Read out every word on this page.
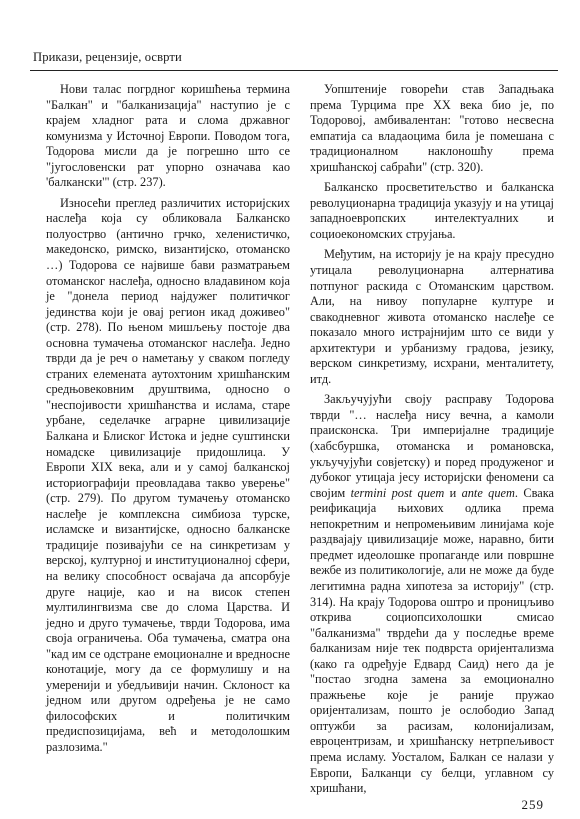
Прикази, рецензије, осврти

Нови талас погрдног коришћења термина "Балкан" и "балканизација" наступио је с крајем хладног рата и слома државног комунизма у Источној Европи. Поводом тога, Тодорова мисли да је погрешно што се "југословенски рат упорно означава као 'балкански'" (стр. 237).

Износећи преглед различитих историјских наслеђа која су обликовала Балканско полуострво (антично грчко, хеленистичко, македонско, римско, византијско, отоманско …) Тодорова се највише бави разматрањем отоманског наслеђа, односно владавином која је "донела период најдужег политичког јединства који је овај регион икад доживео" (стр. 278). По њеном мишљењу постоје два основна тумачења отоманског наслеђа. Једно тврди да је реч о наметању у сваком погледу страних елемената аутохтоним хришћанским средњовековним друштвима, односно о "неспојивости хришћанства и ислама, старе урбане, седелачке аграрне цивилизације Балкана и Блиског Истока и једне суштински номадске цивилизације придошлица. У Европи XIX века, али и у самој балканској историографији преовладава такво уверење" (стр. 279). По другом тумачењу отоманско наслеђе је комплексна симбиоза турске, исламске и византијске, односно балканске традиције позивајући се на синкретизам у верској, културној и институционалној сфери, на велику способност освајача да апсорбује друге нације, као и на висок степен мултилингвизма све до слома Царства. И једно и друго тумачење, тврди Тодорова, има своја ограничења. Оба тумачења, сматра она "кад им се одстране емоционалне и вредносне конотације, могу да се формулишу и на умеренији и убедљивији начин. Склоност ка једном или другом одређења је не само философских и политичким предиспозицијама, већ и методолошким разлозима."

Уопштеније говорећи став Западњака према Турцима пре XX века био је, по Тодоровој, амбивалентан: "готово несвесна емпатија са владаоцима била је помешана с традиционалном наклоношћу према хришћанској сабраћи" (стр. 320).

Балканско просветитељство и балканска револуционарна традиција указују и на утицај западноевропских интелектуалних и социоекономских струјања.

Међутим, на историју је на крају пресудно утицала револуционарна алтернатива потпуног раскида с Отоманским царством. Али, на нивоу популарне културе и свакодневног живота отоманско наслеђе се показало много истрајнијим што се види у архитектури и урбанизму градова, језику, верском синкретизму, исхрани, менталитету, итд.

Закључујући своју расправу Тодорова тврди "… наслеђа нису вечна, а камоли праисконска. Три империјалне традиције (хабсбуршка, отоманска и романовска, укључујући совјетску) и поред продуженог и дубоког утицаја јесу историјски феномени са својим termini post quem и ante quem. Свака реификација њихових одлика према непокретним и непромењивим линијама које раздвајају цивилизације може, наравно, бити предмет идеолошке пропаганде или површне вежбе из политикологије, али не може да буде легитимна радна хипотеза за историју" (стр. 314). На крају Тодорова оштро и проницљиво открива социопсихолошки смисао "балканизма" тврдећи да у последње време балканизам није тек подврста оријентализма (како га одређује Едвард Саид) него да је "постао згодна замена за емоционално пражњење које је раније пружао оријентализам, пошто је ослободио Запад оптужби за расизам, колонијализам, евроцентризам, и хришћанску нетрпељивост према исламу. Уосталом, Балкан се налази у Европи, Балканци су белци, углавном су хришћани,

259
